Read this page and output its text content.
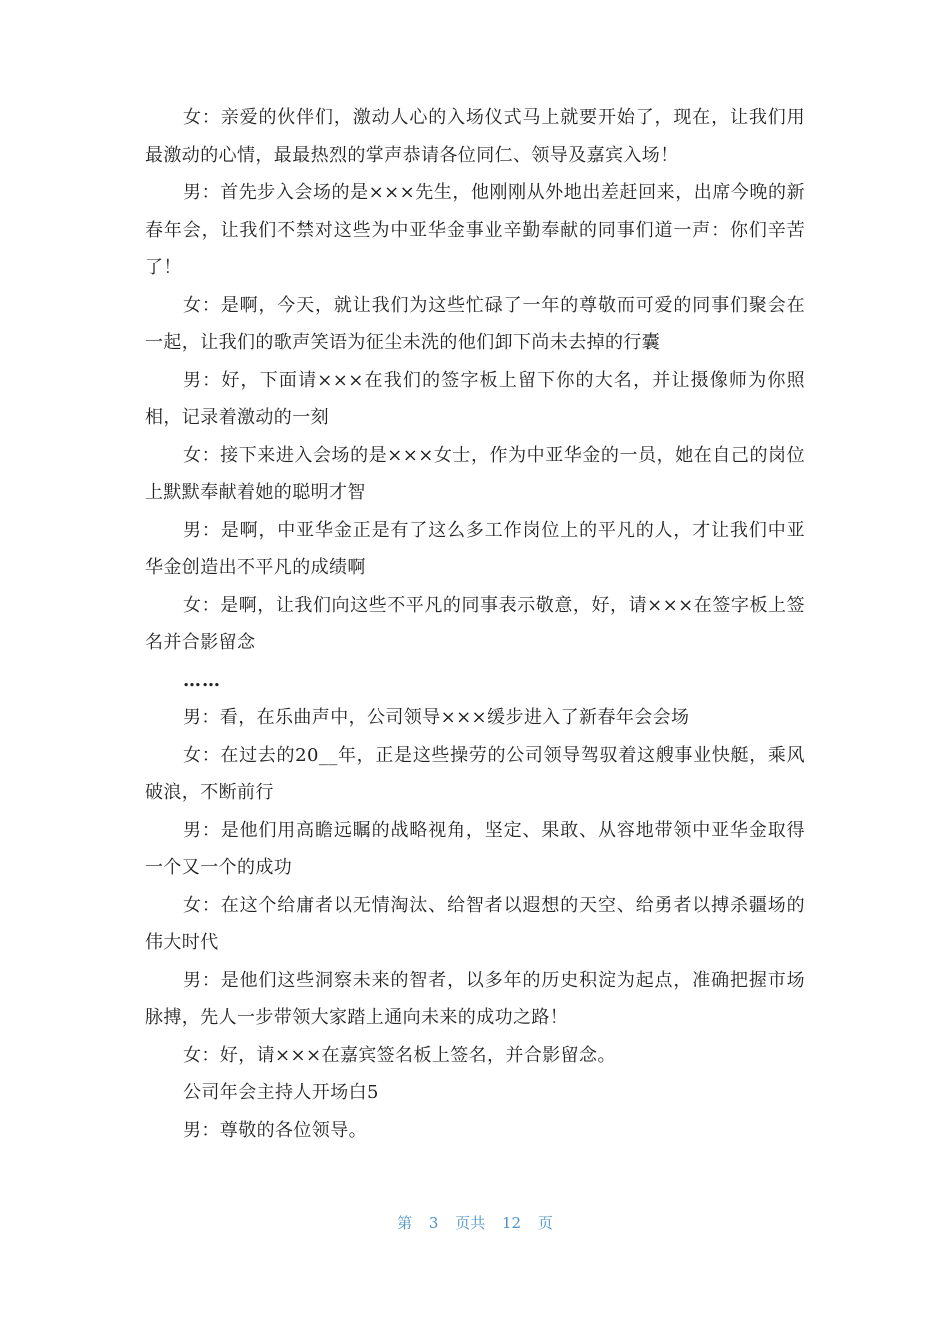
女：亲爱的伙伴们，激动人心的入场仪式马上就要开始了，现在，让我们用最激动的心情，最最热烈的掌声恭请各位同仁、领导及嘉宾入场！

男：首先步入会场的是×××先生，他刚刚从外地出差赶回来，出席今晚的新春年会，让我们不禁对这些为中亚华金事业辛勤奉献的同事们道一声：你们辛苦了！

女：是啊，今天，就让我们为这些忙碌了一年的尊敬而可爱的同事们聚会在一起，让我们的歌声笑语为征尘未洗的他们卸下尚未去掉的行囊

男：好，下面请×××在我们的签字板上留下你的大名，并让摄像师为你照相，记录着激动的一刻

女：接下来进入会场的是×××女士，作为中亚华金的一员，她在自己的岗位上默默奉献着她的聪明才智

男：是啊，中亚华金正是有了这么多工作岗位上的平凡的人，才让我们中亚华金创造出不平凡的成绩啊

女：是啊，让我们向这些不平凡的同事表示敬意，好，请×××在签字板上签名并合影留念

……

男：看，在乐曲声中，公司领导×××缓步进入了新春年会会场

女：在过去的20__年，正是这些操劳的公司领导驾驭着这艘事业快艇，乘风破浪，不断前行

男：是他们用高瞻远瞩的战略视角，坚定、果敢、从容地带领中亚华金取得一个又一个的成功

女：在这个给庸者以无情淘汰、给智者以遐想的天空、给勇者以搏杀疆场的伟大时代

男：是他们这些洞察未来的智者，以多年的历史积淀为起点，准确把握市场脉搏，先人一步带领大家踏上通向未来的成功之路！

女：好，请×××在嘉宾签名板上签名，并合影留念。

公司年会主持人开场白5

男：尊敬的各位领导。

第 3 页共 12 页
